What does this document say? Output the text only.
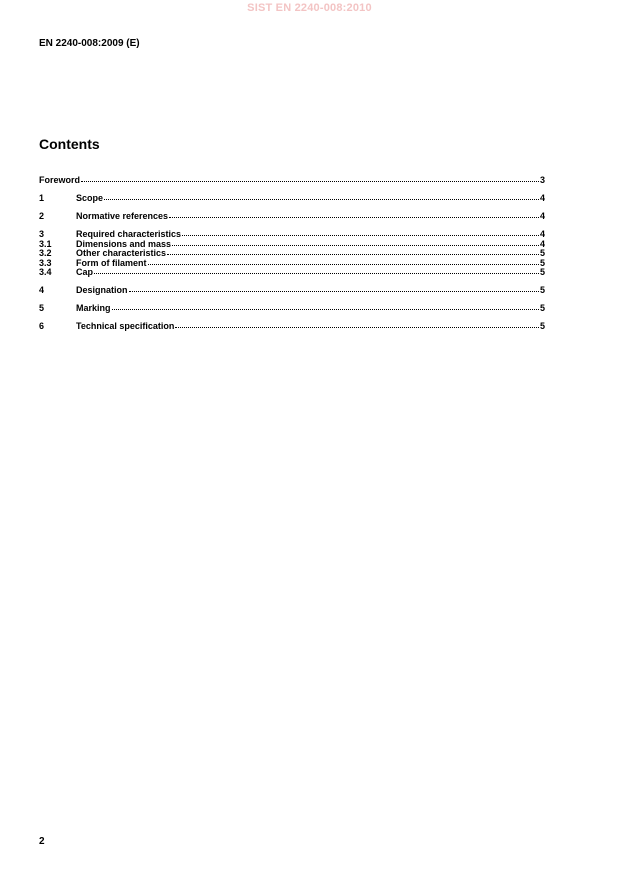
SIST EN 2240-008:2010
EN 2240-008:2009 (E)
Contents
Foreword	3
1	Scope	4
2	Normative references	4
3	Required characteristics	4
3.1	Dimensions and mass	4
3.2	Other characteristics	5
3.3	Form of filament	5
3.4	Cap	5
4	Designation	5
5	Marking	5
6	Technical specification	5
2
